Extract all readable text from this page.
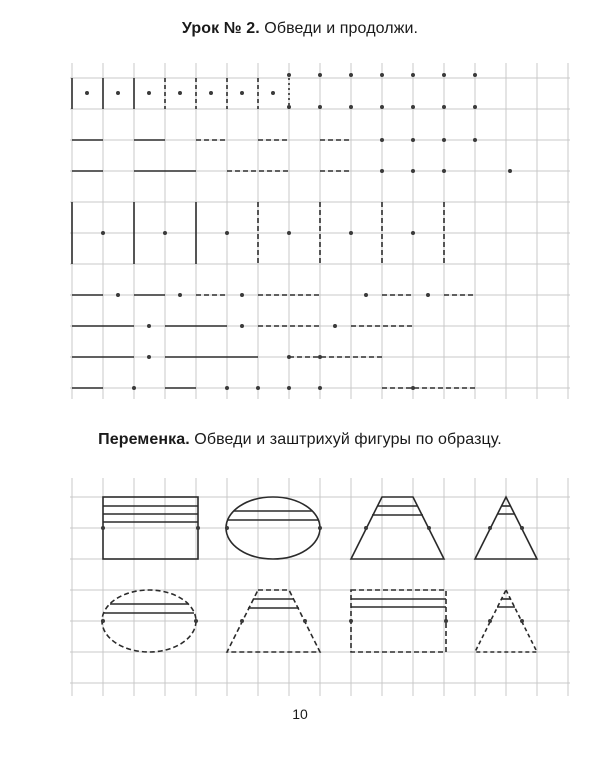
Урок № 2. Обведи и продолжи.
Переменка. Обведи и заштрихуй фигуры по образцу.
10
